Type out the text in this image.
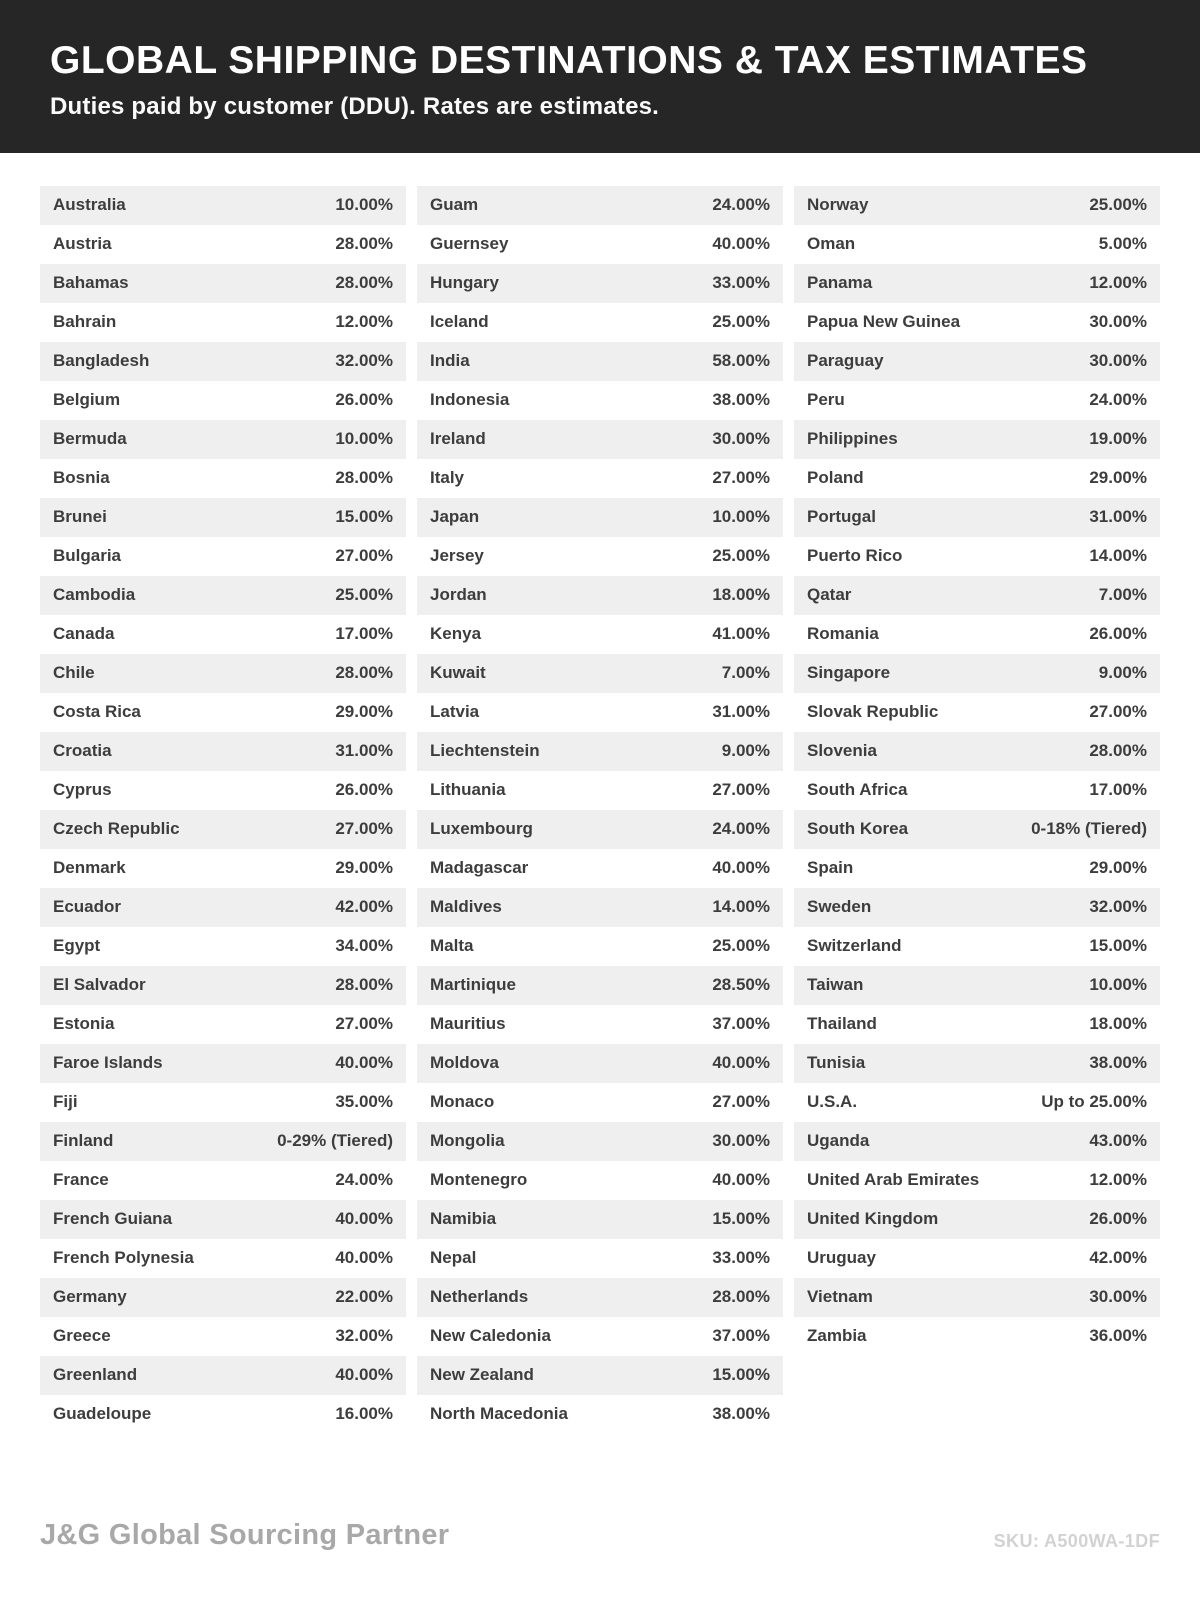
GLOBAL SHIPPING DESTINATIONS & TAX ESTIMATES

Duties paid by customer (DDU). Rates are estimates.

Australia	10.00%
Austria	28.00%
Bahamas	28.00%
Bahrain	12.00%
Bangladesh	32.00%
Belgium	26.00%
Bermuda	10.00%
Bosnia	28.00%
Brunei	15.00%
Bulgaria	27.00%
Cambodia	25.00%
Canada	17.00%
Chile	28.00%
Costa Rica	29.00%
Croatia	31.00%
Cyprus	26.00%
Czech Republic	27.00%
Denmark	29.00%
Ecuador	42.00%
Egypt	34.00%
El Salvador	28.00%
Estonia	27.00%
Faroe Islands	40.00%
Fiji	35.00%
Finland	0-29% (Tiered)
France	24.00%
French Guiana	40.00%
French Polynesia	40.00%
Germany	22.00%
Greece	32.00%
Greenland	40.00%
Guadeloupe	16.00%
Guam	24.00%
Guernsey	40.00%
Hungary	33.00%
Iceland	25.00%
India	58.00%
Indonesia	38.00%
Ireland	30.00%
Italy	27.00%
Japan	10.00%
Jersey	25.00%
Jordan	18.00%
Kenya	41.00%
Kuwait	7.00%
Latvia	31.00%
Liechtenstein	9.00%
Lithuania	27.00%
Luxembourg	24.00%
Madagascar	40.00%
Maldives	14.00%
Malta	25.00%
Martinique	28.50%
Mauritius	37.00%
Moldova	40.00%
Monaco	27.00%
Mongolia	30.00%
Montenegro	40.00%
Namibia	15.00%
Nepal	33.00%
Netherlands	28.00%
New Caledonia	37.00%
New Zealand	15.00%
North Macedonia	38.00%
Norway	25.00%
Oman	5.00%
Panama	12.00%
Papua New Guinea	30.00%
Paraguay	30.00%
Peru	24.00%
Philippines	19.00%
Poland	29.00%
Portugal	31.00%
Puerto Rico	14.00%
Qatar	7.00%
Romania	26.00%
Singapore	9.00%
Slovak Republic	27.00%
Slovenia	28.00%
South Africa	17.00%
South Korea	0-18% (Tiered)
Spain	29.00%
Sweden	32.00%
Switzerland	15.00%
Taiwan	10.00%
Thailand	18.00%
Tunisia	38.00%
U.S.A.	Up to 25.00%
Uganda	43.00%
United Arab Emirates	12.00%
United Kingdom	26.00%
Uruguay	42.00%
Vietnam	30.00%
Zambia	36.00%
J&G Global Sourcing Partner	SKU: A500WA-1DF
